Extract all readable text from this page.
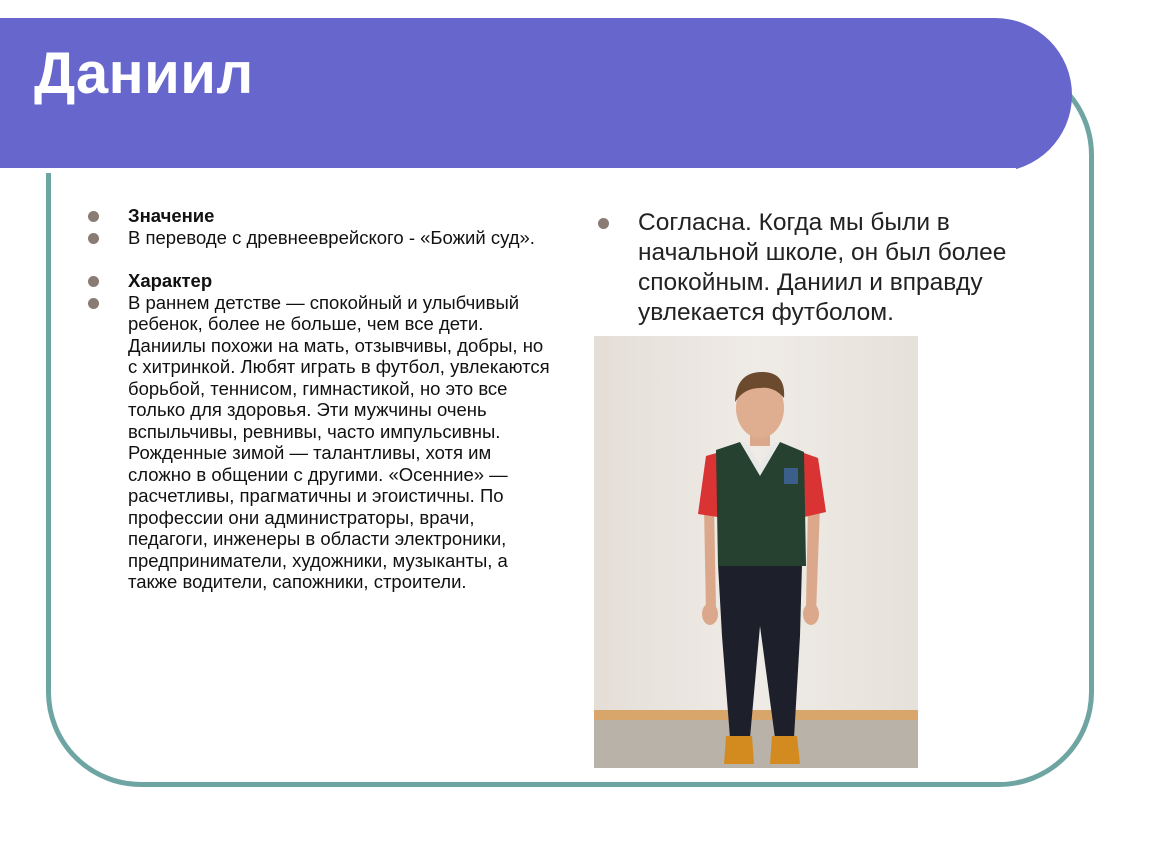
Даниил
Значение
В переводе с древнееврейского - «Божий суд».
Характер
В раннем детстве — спокойный и улыбчивый ребенок, более не больше, чем все дети. Даниилы похожи на мать, отзывчивы, добры, но с хитринкой. Любят играть в футбол, увлекаются борьбой, теннисом, гимнастикой, но это все только для здоровья. Эти мужчины очень вспыльчивы, ревнивы, часто импульсивны. Рожденные зимой — талантливы, хотя им сложно в общении с другими. «Осенние» — расчетливы, прагматичны и эгоистичны. По профессии они администраторы, врачи, педагоги, инженеры в области электроники, предприниматели, художники, музыканты, а также водители, сапожники, строители.
Согласна. Когда мы были в начальной школе, он был более спокойным. Даниил и вправду увлекается футболом.
